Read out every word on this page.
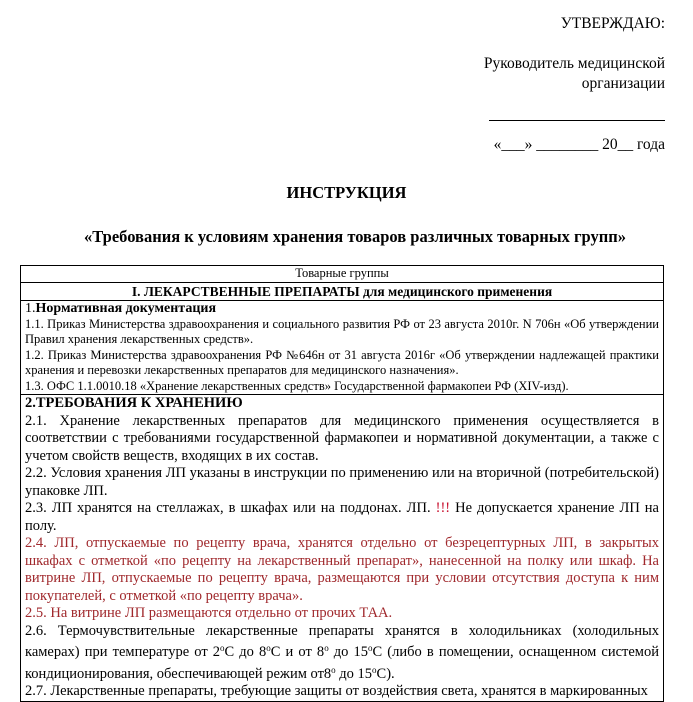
УТВЕРЖДАЮ:
Руководитель медицинской
организации
«___» ________ 20__ года
ИНСТРУКЦИЯ
«Требования к условиям хранения товаров различных товарных групп»
Товарные группы
I. ЛЕКАРСТВЕННЫЕ ПРЕПАРАТЫ для медицинского применения

1.Нормативная документация

1.1. Приказ Министерства здравоохранения и социального развития РФ от 23 августа 2010г. N 706н «Об утверждении Правил хранения лекарственных средств».

1.2. Приказ Министерства здравоохранения РФ №646н от 31 августа 2016г «Об утверждении надлежащей практики хранения и перевозки лекарственных препаратов для медицинского назначения».

1.3. ОФС 1.1.0010.18 «Хранение лекарственных средств» Государственной фармакопеи РФ (XIV-изд).

2.ТРЕБОВАНИЯ К ХРАНЕНИЮ

2.1. Хранение лекарственных препаратов для медицинского применения осуществляется в соответствии с требованиями государственной фармакопеи и нормативной документации, а также с учетом свойств веществ, входящих в их состав.

2.2. Условия хранения ЛП указаны в инструкции по применению или на вторичной (потребительской) упаковке ЛП.

2.3. ЛП хранятся на стеллажах, в шкафах или на поддонах. ЛП. !!! Не допускается хранение ЛП на полу.

2.4. ЛП, отпускаемые по рецепту врача, хранятся отдельно от безрецептурных ЛП, в закрытых шкафах с отметкой «по рецепту на лекарственный препарат», нанесенной на полку или шкаф. На витрине ЛП, отпускаемые по рецепту врача, размещаются при условии отсутствия доступа к ним покупателей, с отметкой «по рецепту врача».

2.5. На витрине ЛП размещаются отдельно от прочих ТАА.

2.6. Термочувствительные лекарственные препараты хранятся в холодильниках (холодильных камерах) при температуре от $2^оС$ до $8^оС$ и от $8^о$ до $15^оС$ (либо в помещении, оснащенном системой кондиционирования, обеспечивающей режим $от8^о$ до $15^оС$).

2.7. Лекарственные препараты, требующие защиты от воздействия света, хранятся в маркированных
